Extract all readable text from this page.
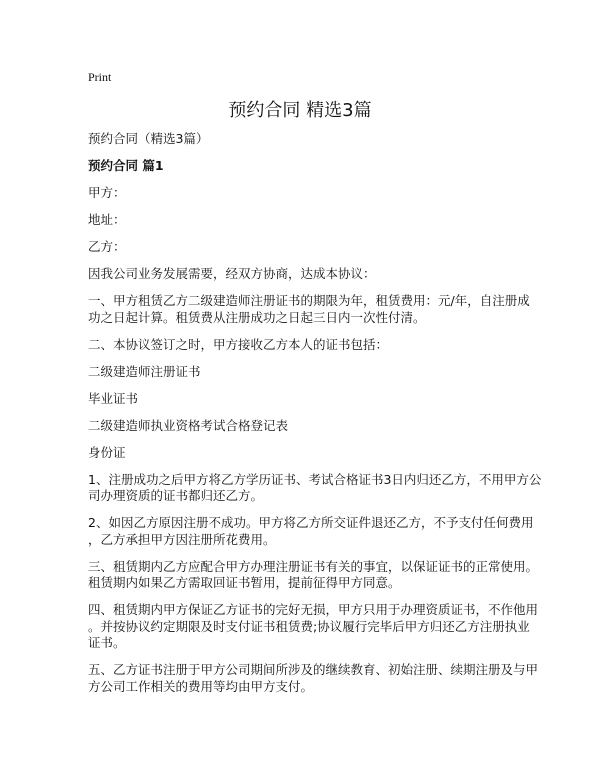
Print
预约合同 精选3篇

预约合同（精选3篇）

预约合同 篇1

甲方：

地址：

乙方：

因我公司业务发展需要，经双方协商，达成本协议：

一、甲方租赁乙方二级建造师注册证书的期限为年，租赁费用：元/年，自注册成
功之日起计算。租赁费从注册成功之日起三日内一次性付清。

二、本协议签订之时，甲方接收乙方本人的证书包括：

二级建造师注册证书

毕业证书

二级建造师执业资格考试合格登记表

身份证

1、注册成功之后甲方将乙方学历证书、考试合格证书3日内归还乙方，不用甲方公
司办理资质的证书都归还乙方。

2、如因乙方原因注册不成功。甲方将乙方所交证件退还乙方，不予支付任何费用
，乙方承担甲方因注册所花费用。

三、租赁期内乙方应配合甲方办理注册证书有关的事宜，以保证证书的正常使用。
租赁期内如果乙方需取回证书暂用，提前征得甲方同意。

四、租赁期内甲方保证乙方证书的完好无损，甲方只用于办理资质证书，不作他用
。并按协议约定期限及时支付证书租赁费;协议履行完毕后甲方归还乙方注册执业
证书。

五、乙方证书注册于甲方公司期间所涉及的继续教育、初始注册、续期注册及与甲
方公司工作相关的费用等均由甲方支付。
